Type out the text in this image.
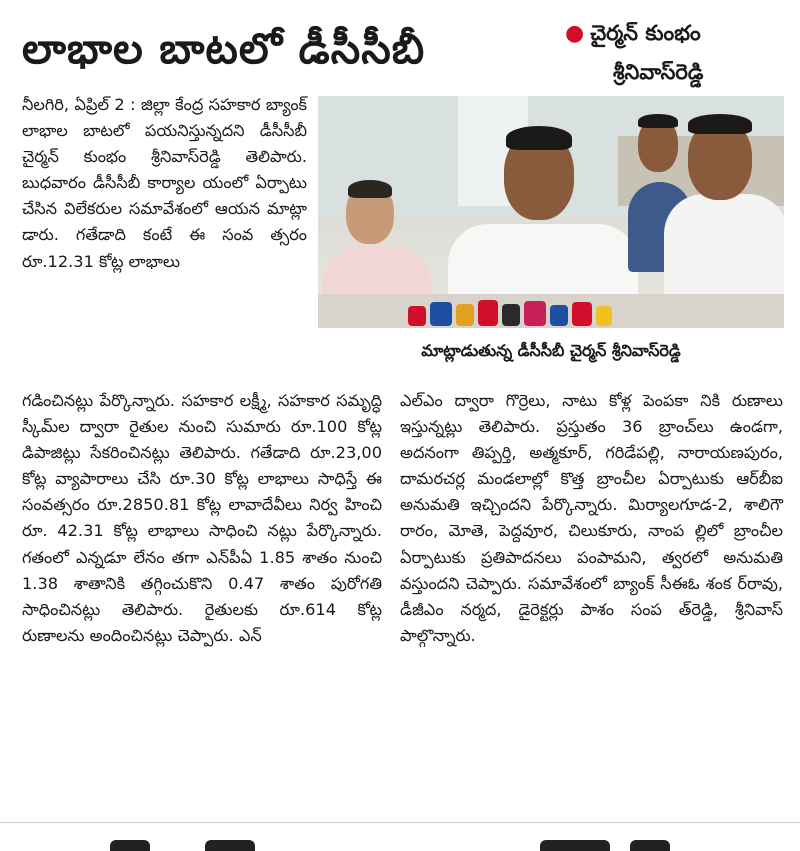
లాభాల బాటలో డీసీసీబీ	● చైర్మన్ కుంభం
శ్రీనివాస్‌రెడ్డి

నీలగిరి, ఏప్రిల్ 2 : జిల్లా కేంద్ర సహకార బ్యాంక్ లాభాల బాటలో పయనిస్తున్నదని డీసీసీబీ చైర్మన్ కుంభం శ్రీనివాస్‌రెడ్డి తెలిపారు. బుధవారం డీసీసీబీ కార్యాల యంలో ఏర్పాటు చేసిన విలేకరుల సమావేశంలో ఆయన మాట్లా డారు. గతేడాది కంటే ఈ సంవ త్సరం రూ.12.31 కోట్ల లాభాలు

మాట్లాడుతున్న డీసీసీబీ చైర్మన్ శ్రీనివాస్‌రెడ్డి

గడించినట్లు పేర్కొన్నారు. సహకార లక్ష్మీ, సహకార సమృద్ధి స్కీమ్‌ల ద్వారా రైతుల నుంచి సుమారు రూ.100 కోట్ల డిపాజిట్లు సేకరించినట్లు తెలిపారు. గతేడాది రూ.23,00 కోట్ల వ్యాపారాలు చేసి రూ.30 కోట్ల లాభాలు సాధిస్తే ఈ సంవత్సరం రూ.2850.81 కోట్ల లావాదేవీలు నిర్వ హించి రూ. 42.31 కోట్ల లాభాలు సాధించి నట్లు పేర్కొన్నారు. గతంలో ఎన్నడూ లేనం తగా ఎన్‌పీఏ 1.85 శాతం నుంచి 1.38 శాతానికి తగ్గించుకొని 0.47 శాతం పురోగతి సాధించినట్లు తెలిపారు. రైతులకు రూ.614 కోట్ల రుణాలను అందించినట్లు చెప్పారు. ఎన్

ఎల్ఎం ద్వారా గొర్రెలు, నాటు కోళ్ల పెంపకా నికి రుణాలు ఇస్తున్నట్లు తెలిపారు. ప్రస్తుతం 36 బ్రాంచ్‌లు ఉండగా, అదనంగా తిప్పర్తి, అత్మకూర్, గరిడేపల్లి, నారాయణపురం, దామరచర్ల మండలాల్లో కొత్త బ్రాంచీల ఏర్పాటుకు ఆర్‌బీఐ అనుమతి ఇచ్చిందని పేర్కొన్నారు. మిర్యాలగూడ-2, శాలిగౌ రారం, మోతె, పెద్దవూర, చిలుకూరు, నాంప ల్లిలో బ్రాంచీల ఏర్పాటుకు ప్రతిపాదనలు పంపామని, త్వరలో అనుమతి వస్తుందని చెప్పారు. సమావేశంలో బ్యాంక్ సీఈఓ శంక ర్‌రావు, డీజీఎం నర్మద, డైరెక్టర్లు పాశం సంప త్‌రెడ్డి, శ్రీనివాస్ పాల్గొన్నారు.
